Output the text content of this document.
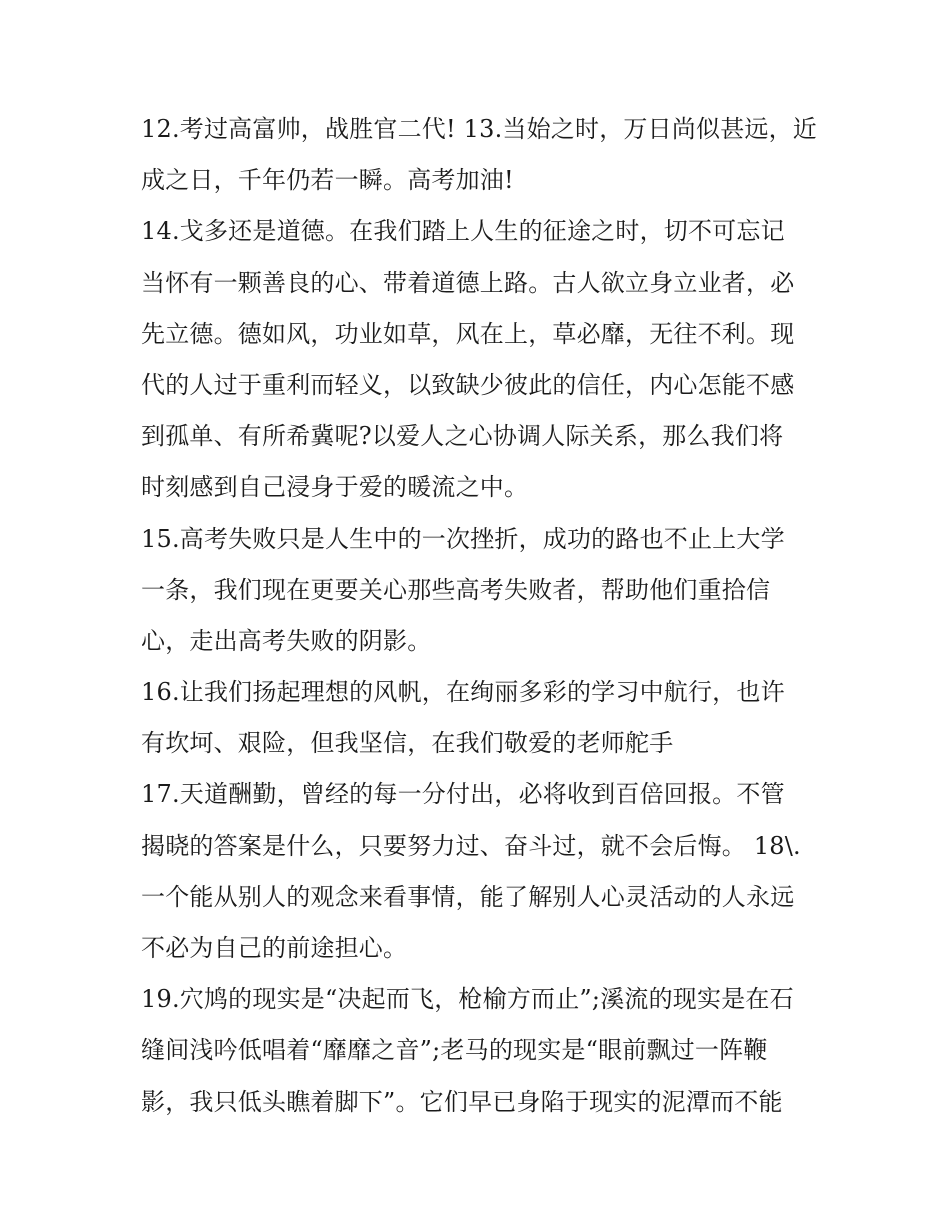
12.考过高富帅，战胜官二代! 13.当始之时，万日尚似甚远，近
成之日，千年仍若一瞬。高考加油!
14.戈多还是道德。在我们踏上人生的征途之时，切不可忘记
当怀有一颗善良的心、带着道德上路。古人欲立身立业者，必
先立德。德如风，功业如草，风在上，草必靡，无往不利。现
代的人过于重利而轻义，以致缺少彼此的信任，内心怎能不感
到孤单、有所希冀呢?以爱人之心协调人际关系，那么我们将
时刻感到自己浸身于爱的暖流之中。
15.高考失败只是人生中的一次挫折，成功的路也不止上大学
一条，我们现在更要关心那些高考失败者，帮助他们重拾信
心，走出高考失败的阴影。
16.让我们扬起理想的风帆，在绚丽多彩的学习中航行，也许
有坎坷、艰险，但我坚信，在我们敬爱的老师舵手
17.天道酬勤，曾经的每一分付出，必将收到百倍回报。不管
揭晓的答案是什么，只要努力过、奋斗过，就不会后悔。 18\.
一个能从别人的观念来看事情，能了解别人心灵活动的人永远
不必为自己的前途担心。
19.穴鸠的现实是“决起而飞，枪榆方而止”;溪流的现实是在石
缝间浅吟低唱着“靡靡之音”;老马的现实是“眼前飘过一阵鞭
影，我只低头瞧着脚下”。它们早已身陷于现实的泥潭而不能
